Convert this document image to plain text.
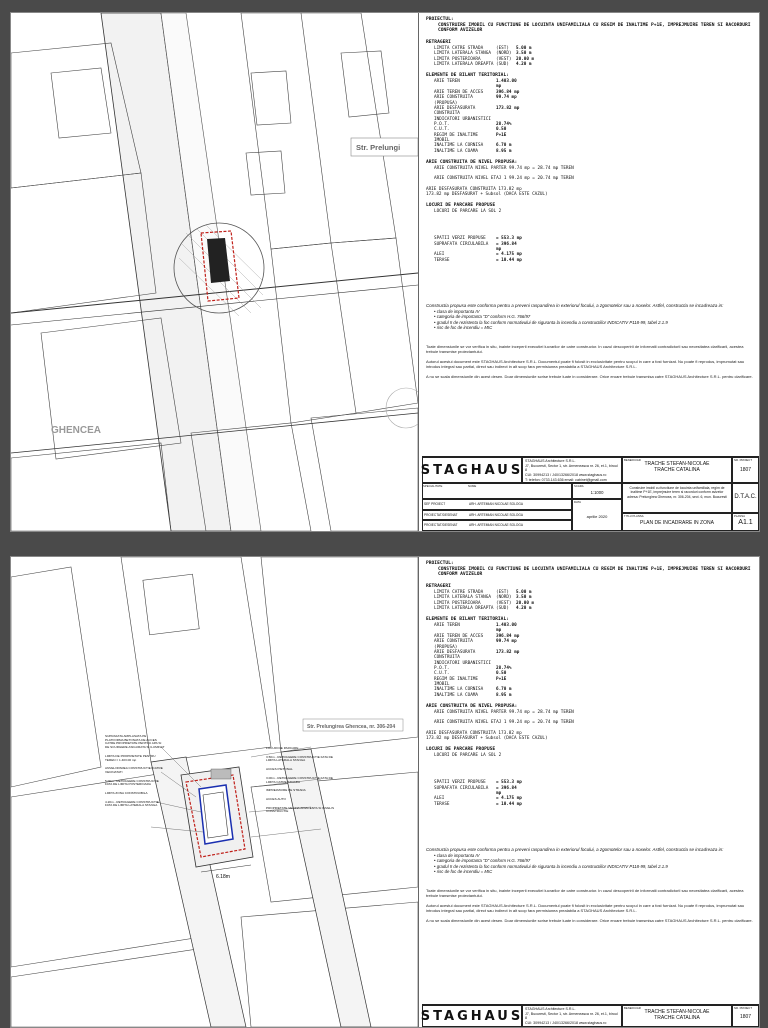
Str. Prelungi
GHENCEA
PROIECTUL:
CONSTRUIRE IMOBIL CU FUNCTIUNE DE LOCUINTA UNIFAMILIALA CU REGIM DE INALTIME P+1E, IMPREJMUIRE TEREN SI RACORDURI CONFORM AVIZELOR
RETRAGERI
LIMITA CATRE STRADA	(EST)	5.00 m
LIMITA LATERALA STANGA	(NORD)	3.50 m
LIMITA POSTERIOARA	(VEST)	20.00 m
LIMITA LATERALA DREAPTA (SUD)	4.20 m
ELEMENTE DE BILANT TERITORIAL:
ARIE TEREN	1.403.00 mp
ARIE TEREN DE ACCES	396.84 mp
ARIE CONSTRUITA (PROPUSA)
99.74 mp
ARIE DESFASURATA CONSTRUITA
173.82 mp
INDICATORI URBANISTICI
P.O.T.	28.74%
C.U.T.	0.50
REGIM DE INALTIME IMOBIL
P+1E
INALTIME LA CORNISA	6.70 m
INALTIME LA COAMA	8.95 m
ARIE CONSTRUITA DE NIVEL PROPUSA:
ARIE CONSTRUITA NIVEL PARTER 99.74 mp = 28.74 mp TEREN
ARIE CONSTRUITA NIVEL ETAJ 1 99.24 mp = 20.74 mp TEREN
ARIE DESFASURATA CONSTRUITA 173.82 mp
173.82 mp DESFASURAT + Subsol (DACA ESTE CAZUL)
LOCURI DE PARCARE PROPUSE
LOCURI DE PARCARE LA SOL 2
SPATII VERZI PROPUSE	= 553.3 mp
SUPRAFATA CIRCULABILA	= 396.84 mp
ALEI	= 4.175 mp
TERASE	= 10.44 mp
Constructia propusa este conforma pentru a preveni raspandirea in exteriorul focului, a zgomotelor sau a noxelor. Astfel, constructia se incadreaza in:
• clasa de importanta IV
• categoria de importanta "D" conform H.G. 766/97
• gradul II de rezistenta la foc conform normativului de siguranta la incendiu a constructiilor INDICATIV P118-99, tabel 2.1.9
• risc de foc de incendiu = MIC
Toate dimensiunile se vor verifica in situ, inainte inceperii executiei lucrarilor de catre constructor. In cazul descoperirii de informatii contradictorii sau necesitatea clarificarii, acestea trebuie transmise proiectantului.
Autorul acestui document este STAGHAUS Architecture S.R.L. Documentul poate fi folosit in exclusivitate pentru scopul in care a fost furnizat. Nu poate fi reprodus, imprumutat sau introdus integral sau partial, direct sau indirect in alt scop fara permisiunea prealabila a STAGHAUS Architecture S.R.L.
A nu se scala dimensiunile din acest desen. Doar dimensiunile scrise trebuie luate in considerare. Orice eroare trebuie transmisa catre STAGHAUS Architecture S.R.L. pentru clarificare.
STAGHAUS
STAGHAUS Architecture S.R.L.
J7, Bucuresti, Sector 1, str. Armeneasca nr. 26, et.1, biroul 8
CUI: 30994213 / J40/13266/2018 www.staghaus.ro
T: telefon: 0733.143.636 email: cabinet@gmail.com
BENEFICIAR
TRACHE STEFAN-NICOLAE
TRACHE CATALINA
NR. PROIECT
1807
SPECIALITATE	NUME	SCARA
1:1000
Construire imobil cu functiune de locuinta unifamiliala, regim de inaltime P+1E, imprejmuire teren si racorduri conform avizelor
adresa: Prelungirea Ghencea, nr. 306-204, sect. 6, mun. Bucuresti	D.T.A.C.
SEF PROIECT	ARH. ARTEMIAN NICOLAE SOLOGA
PROIECTAT/DESENAT	ARH. ARTEMIAN NICOLAE SOLOGA
PROIECTAT/DESENAT	ARH. ARTEMIAN NICOLAE SOLOGA
DATA
aprilie 2020	TITLU PLANSA
PLAN DE INCADRARE IN ZONA
PLANSA
A1.1
6.18m
Str. Prelungirea Ghencea, nr. 306-204
SUPRAFATA AMPLASATA PE PLATFORMA BETONATA DE ACCES CATRE PROPRIETATE PENTRU APA SI DE SCURGERE ASIGURATA SI ILUMINAT
LIMITA DE PROPRIETATE PENTRU TEREN = 1.403.00 mp
ANVELOPAREA CONSTRUCTIEI CATRE VECINATATI
5.00m - RETRAGERE CONSTRUCTIE FATA DE LIMITA POSTERIOARA
LIMITA ZONA CONSTRUIBILA
4.20m - RETRAGERE CONSTRUCTIE FATA DE LIMITA LATERALA STANGA
LOCURI DE PARCARE
3.50m - RETRAGERE CONSTRUCTIE FATA DE LIMITA LATERALA STANGA
ACCES PIETONAL
3.00m - RETRAGERE CONSTRUCTIE FATA DE LIMITA CATRE STRADA
IMPREJMUIRE PE STRADA
ACCES AUTO
PROPRIETATE VECINA ADIACENTA SI INVELIS CONSTRUCTIE
PROIECTUL:
CONSTRUIRE IMOBIL CU FUNCTIUNE DE LOCUINTA UNIFAMILIALA CU REGIM DE INALTIME P+1E, IMPREJMUIRE TEREN SI RACORDURI CONFORM AVIZELOR
RETRAGERI
LIMITA CATRE STRADA	(EST)	5.00 m
LIMITA LATERALA STANGA	(NORD)	3.50 m
LIMITA POSTERIOARA	(VEST)	20.00 m
LIMITA LATERALA DREAPTA (SUD)	4.20 m
ELEMENTE DE BILANT TERITORIAL:
ARIE TEREN	1.403.00 mp
ARIE TEREN DE ACCES	396.84 mp
ARIE CONSTRUITA (PROPUSA)
99.74 mp
ARIE DESFASURATA CONSTRUITA
173.82 mp
INDICATORI URBANISTICI
P.O.T.	28.74%
C.U.T.	0.50
REGIM DE INALTIME IMOBIL
P+1E
INALTIME LA CORNISA	6.70 m
INALTIME LA COAMA	8.95 m
ARIE CONSTRUITA DE NIVEL PROPUSA:
ARIE CONSTRUITA NIVEL PARTER 99.74 mp = 28.74 mp TEREN
ARIE CONSTRUITA NIVEL ETAJ 1 99.24 mp = 20.74 mp TEREN
ARIE DESFASURATA CONSTRUITA 173.82 mp
173.82 mp DESFASURAT + Subsol (DACA ESTE CAZUL)
LOCURI DE PARCARE PROPUSE
LOCURI DE PARCARE LA SOL 2
SPATII VERZI PROPUSE	= 553.3 mp
SUPRAFATA CIRCULABILA	= 396.84 mp
ALEI	= 4.175 mp
TERASE	= 10.44 mp
Constructia propusa este conforma pentru a preveni raspandirea in exteriorul focului, a zgomotelor sau a noxelor. Astfel, constructia se incadreaza in:
• clasa de importanta IV
• categoria de importanta "D" conform H.G. 766/97
• gradul II de rezistenta la foc conform normativului de siguranta la incendiu a constructiilor INDICATIV P118-99, tabel 2.1.9
• risc de foc de incendiu = MIC
Toate dimensiunile se vor verifica in situ, inainte inceperii executiei lucrarilor de catre constructor. In cazul descoperirii de informatii contradictorii sau necesitatea clarificarii, acestea trebuie transmise proiectantului.
Autorul acestui document este STAGHAUS Architecture S.R.L. Documentul poate fi folosit in exclusivitate pentru scopul in care a fost furnizat. Nu poate fi reprodus, imprumutat sau introdus integral sau partial, direct sau indirect in alt scop fara permisiunea prealabila a STAGHAUS Architecture S.R.L.
A nu se scala dimensiunile din acest desen. Doar dimensiunile scrise trebuie luate in considerare. Orice eroare trebuie transmisa catre STAGHAUS Architecture S.R.L. pentru clarificare.
STAGHAUS STAGHAUS Architecture S.R.L.
J7, Bucuresti, Sector 1, str. Armeneasca nr. 26, et.1, biroul 8
CUI: 30994213 / J40/13266/2018 www.staghaus.ro
BENEFICIAR
TRACHE STEFAN-NICOLAE
TRACHE CATALINA
NR. PROIECT
1807
